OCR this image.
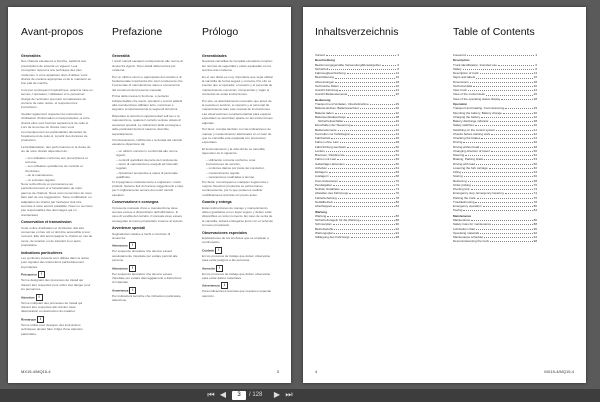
Avant-propos	Prefazione	Prólogo
Généralités
Nos chariots élévateurs à fourche, satisfont aux prescriptions de sécurité en vigueur. Leur conception répond à une technique des plus modernes. Il vous appartient donc d'utiliser votre chariot de manière appropriée et de le maintenir en bon état de marche.
Il est par conséquent impératif que, avant la mise en service, l'opérateur, l'utilisateur et le personnel chargé de l'entretien prennent connaissance du contenu de cette notice, et respectent les instructions.
Veuillez également respecter les instructions d'utilisation d'information correspondantes, à votre chariot elles sont fournies séparément de celle-ci. Lors de la remise du chariot nous vous communiquerons les particularités découlant de l'équipement de celui-ci, à partir des données de production.
La familiarisation, des performances et la durée de vie de votre chariot dépendent de :
– son utilisation conforme aux prescriptions et correcte,
– son utilisation quotidienne de contrôle et d'entretien,
– de la maintenance,
– un entretien régulier.
Nous recherchons en permanence au perfectionnement et à l'amélioration de notre gamme de chariots. Nous vous remercions de nous faire part de vos suggestions. Toute modification ou adaptation du chariot par l'acheteur doit être soumise à notre accord préalable. Nous ne sommes pas responsables des dommages qui en résulteraient.
Conservation et transmission
Cette notice d'utilisation et d'entretien doit être conservée en lieu sûr et doit être accessible à tout moment. Elle doit accompagner le chariot en cas de vente, de location ou de transfert à un autre propriétaire.
Indications particulières
Les symboles suivants sont utilisés dans la notice pour signaler des instructions particulièrement importantes.
Précaution !
Terme désignant des processus de travail qui doivent être respectés pour éviter tout danger pour les personnes.
Attention !
Terme indiquant des processus de travail qui doivent être respectés afin d'éviter toute détérioration ou destruction du matériel.
Remarque i
Terme utilisé pour désigner des instructions techniques devant faire l'objet d'une attention particulière.
Generalità
I nostri carrelli elevatori corrispondono alle norme di sicurezza vigenti. Sono dotati della tecnica più moderna.
Per un utilizzo sicuro e appropriato del carrello è di fondamentale importanza che sia il conducente che il personale di manutenzione siano a conoscenza del contenuto del presente manuale.
Prima della messa in funzione, è pertanto indispensabile che utenti, operatori e tecnici addetti alla manutenzione abbiano letto, compreso e seguano scrupolosamente le seguenti istruzioni.
Rispettare le istruzioni supplementari sull'uso e la manutenzione, qualora il carrello venisse dotato di accessori speciali. Le indicazioni della consegna e delle particolari funzioni saranno descritte separatamente.
Il funzionamento, l'efficienza e la durata del carrello elevatore dipendono da:
– un utilizzo corretto in conformità alle norme vigenti,
– controlli quotidiani da parte del conducente,
– lavori di manutenzione eseguiti ad intervalli regolari,
– riparazioni tempestive a opera di personale qualificato.
Ci impegniamo costantemente a migliorare i nostri prodotti. Saremo lieti di ricevere suggerimenti e idee per il miglioramento tecnico dei nostri carrelli elevatori.
Conservazione e consegna
Il presente manuale d'uso e manutenzione deve sempre essere a disposizione dell'utilizzatore. In caso di vendita del carrello, il manuale deve essere consegnato al nuovo proprietario insieme al veicolo.
Avvertenze speciali
Segnalazioni relative a rischi e istruzioni di sicurezza:
Attenzione !
Per sequenze lavorative che devono essere assolutamente rispettate per evitare pericoli alle persone.
Attenzione !
Per sequenze lavorative che devono essere rispettate per evitare danneggiamenti o distruzione di materiale.
Avvertenza i
Per indicazioni tecniche che richiedono particolare attenzione.
Generalidades
Nuestras carretillas de horquilla elevadora cumplen las normas de seguridad y están equipadas con la técnica más moderna.
En el uso diario es muy importante que sepa utilizar la carretilla de forma segura y correcta. Por ello es preciso que el operador, el usuario y el personal de mantenimiento conozcan, comprendan y sigan el contenido de estas instrucciones.
Por ello, es absolutamente necesario que antes de la puesta en servicio, el operario y el personal de mantenimiento lean este manual de instrucciones. Las observaciones complementarias para equipos especiales se describen aparte en las instrucciones adjuntas.
Por favor, cumpla también con las indicaciones de manejo y mantenimiento adicionales en el caso de que su carretilla esté equipada con accesorios especiales.
El funcionamiento y la vida útil de su carretilla dependen de lo siguiente:
– utilización correcta conforme a las instrucciones de servicio,
– controles diarios por parte del conductor,
– mantenimiento regular,
– reparaciones realizadas a tiempo.
Por favor, comuníquenos cualquier sugerencia o mejora. Nuestros productos se perfeccionan continuamente, por lo que podemos realizar modificaciones técnicas sin previo aviso.
Guarda y entrega
Estas instrucciones de manejo y mantenimiento deben guardarse en un lugar seguro y deben estar disponibles en todo momento. En caso de venta de la carretilla, deberá entregarse junto con el vehículo al nuevo propietario.
Observaciones especiales
Explicaciones de los símbolos que se emplean a continuación.
Cuidado !
En los procesos de trabajo que deben observarse para evitar peligros a las personas.
Atención !
En los procesos de trabajo que deben observarse para evitar daños materiales.
Advertencia i
Para indicaciones técnicas que requieren especial atención.
MX15-4/MQ15-4	3
Inhaltsverzeichnis	Table of Contents
Vorwort	3
Beschreibung
Bestimmungsgemäße Verwendung/Einsatzgebiet	6
Sicherheit	8
Fahrzeugbeschreibung	14
Beschilderung	16
Abmessungen	18
Technische Daten	20
Ansicht Fahrzeug	24
Ansicht Bedienelemente	26
Bedienung
Transport und Verladen, Inbetriebnahme	29
Batterie-Einbau, Batteriewechsel	30
Batterie laden	32
Batterieentladeanzeige	38
Sicherheitsschalter	40
Einschalten der Steuerung	41
Bedienelemente	42
Kontrollen vor Fahrtbeginn	44
Fahrbetrieb	46
Fahren ohne Last	48
Fahrtrichtung wechseln	50
Lenken	52
Bremsen, Parkbremse	53
Fahren mit Last	56
Gabelträger absenken	60
Anheben	64
Einlagern	66
Auslagern	68
Kommissionieren	70
Pendelgabel	73
Nothalt, Notablass	74
Abstellen des Fahrzeugs	76
Fehlerbehebung	78
Notfallbetrieb	80
Abschleppen	84
Wartung
Wartung	86
Sicherheitsregeln für die Wartung	88
Schmierplan	90
Betriebsstoffe	92
Wartungsplan	94
Stilllegung des Fahrzeugs	98
Foreword	3
Description
Truck identification, Intended use	6
Safety	8
Description of truck	14
Signs and labels	16
Dimensions	18
Technical data	20
View truck	24
View of the control desk	26
View of the operating status display	28
Operation
Transport and loading, Commissioning	29
Mounting the battery, Battery change	30
Charging the battery	32
Battery discharge indicator	38
Safety switches	40
Switching on the control system	41
Checks before starting work	42
Checking the brakes	44
Driving	46
Driving without load	48
Changing direction of travel	50
Steering	52
Braking, Parking brake	53
Driving with load	56
Lowering the fork carriage	60
Lifting	64
Storing	66
Retrieving	68
Order picking	70
Pivoting fork	73
Emergency stop, Emergency lowering	74
Parking the truck	76
Troubleshooting	78
Emergency operation	80
Towing	84
Maintenance
Maintenance	86
Safety rules for maintenance	88
Lubrication chart	90
Operating materials	92
Maintenance schedule	94
Decommissioning the truck	98
4	MX15-4/MQ15-4
⏮ ◀	3	/ 128 ▶ ⏭
